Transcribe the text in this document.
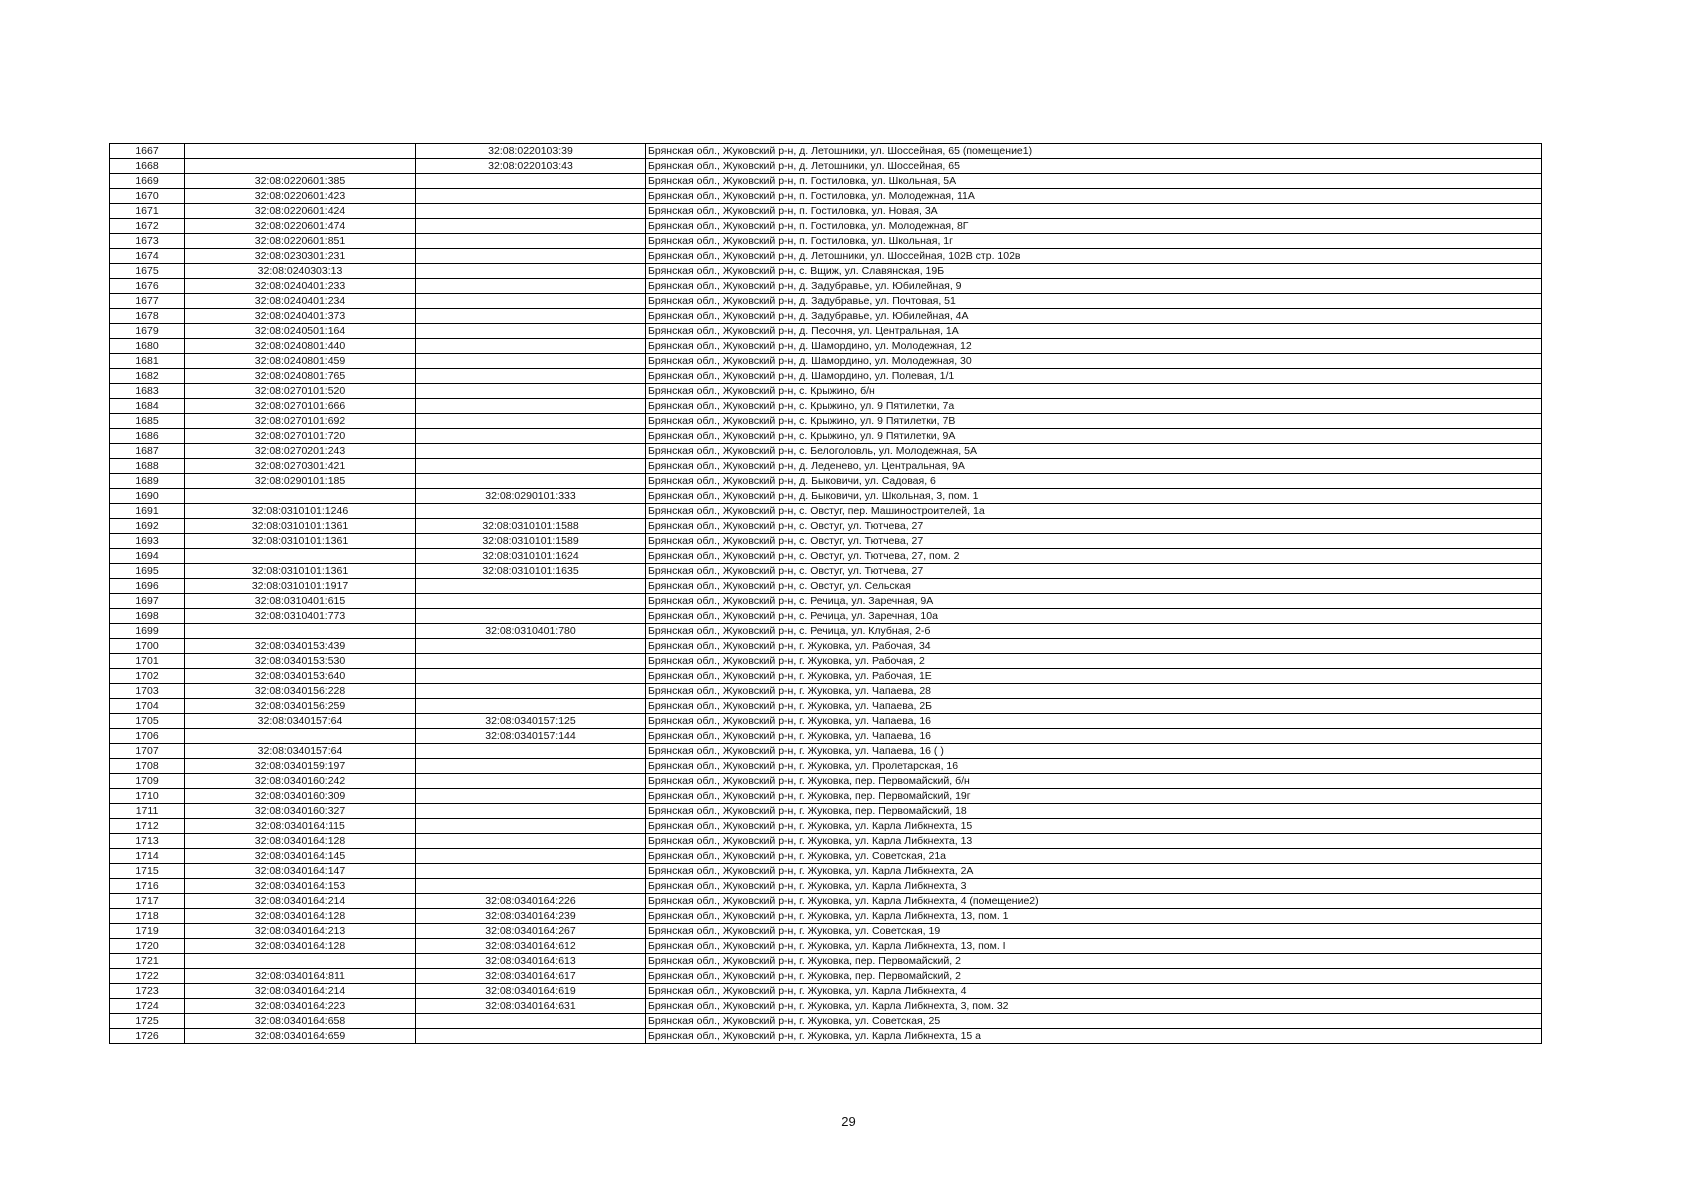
1667		32:08:0220103:39	Брянская обл., Жуковский р-н, д. Летошники, ул. Шоссейная, 65 (помещение1)
1668		32:08:0220103:43	Брянская обл., Жуковский р-н, д. Летошники, ул. Шоссейная, 65
1669	32:08:0220601:385		Брянская обл., Жуковский р-н, п. Гостиловка, ул. Школьная, 5А
1670	32:08:0220601:423		Брянская обл., Жуковский р-н, п. Гостиловка, ул. Молодежная, 11А
1671	32:08:0220601:424		Брянская обл., Жуковский р-н, п. Гостиловка, ул. Новая, 3А
1672	32:08:0220601:474		Брянская обл., Жуковский р-н, п. Гостиловка, ул. Молодежная, 8Г
1673	32:08:0220601:851		Брянская обл., Жуковский р-н, п. Гостиловка, ул. Школьная, 1г
1674	32:08:0230301:231		Брянская обл., Жуковский р-н, д. Летошники, ул. Шоссейная, 102В стр. 102в
1675	32:08:0240303:13		Брянская обл., Жуковский р-н, с. Вщиж, ул. Славянская, 19Б
1676	32:08:0240401:233		Брянская обл., Жуковский р-н, д. Задубравье, ул. Юбилейная, 9
1677	32:08:0240401:234		Брянская обл., Жуковский р-н, д. Задубравье, ул. Почтовая, 51
1678	32:08:0240401:373		Брянская обл., Жуковский р-н, д. Задубравье, ул. Юбилейная, 4А
1679	32:08:0240501:164		Брянская обл., Жуковский р-н, д. Песочня, ул. Центральная, 1А
1680	32:08:0240801:440		Брянская обл., Жуковский р-н, д. Шамордино, ул. Молодежная, 12
1681	32:08:0240801:459		Брянская обл., Жуковский р-н, д. Шамордино, ул. Молодежная, 30
1682	32:08:0240801:765		Брянская обл., Жуковский р-н, д. Шамордино, ул. Полевая, 1/1
1683	32:08:0270101:520		Брянская обл., Жуковский р-н, с. Крыжино, б/н
1684	32:08:0270101:666		Брянская обл., Жуковский р-н, с. Крыжино, ул. 9 Пятилетки, 7а
1685	32:08:0270101:692		Брянская обл., Жуковский р-н, с. Крыжино, ул. 9 Пятилетки, 7В
1686	32:08:0270101:720		Брянская обл., Жуковский р-н, с. Крыжино, ул. 9 Пятилетки, 9А
1687	32:08:0270201:243		Брянская обл., Жуковский р-н, с. Белоголовль, ул. Молодежная, 5А
1688	32:08:0270301:421		Брянская обл., Жуковский р-н, д. Леденево, ул. Центральная, 9А
1689	32:08:0290101:185		Брянская обл., Жуковский р-н, д. Быковичи, ул. Садовая, 6
1690		32:08:0290101:333	Брянская обл., Жуковский р-н, д. Быковичи, ул. Школьная, 3, пом. 1
1691	32:08:0310101:1246		Брянская обл., Жуковский р-н, с. Овстуг, пер. Машиностроителей, 1а
1692	32:08:0310101:1361	32:08:0310101:1588	Брянская обл., Жуковский р-н, с. Овстуг, ул. Тютчева, 27
1693	32:08:0310101:1361	32:08:0310101:1589	Брянская обл., Жуковский р-н, с. Овстуг, ул. Тютчева, 27
1694		32:08:0310101:1624	Брянская обл., Жуковский р-н, с. Овстуг, ул. Тютчева, 27, пом. 2
1695	32:08:0310101:1361	32:08:0310101:1635	Брянская обл., Жуковский р-н, с. Овстуг, ул. Тютчева, 27
1696	32:08:0310101:1917		Брянская обл., Жуковский р-н, с. Овстуг, ул. Сельская
1697	32:08:0310401:615		Брянская обл., Жуковский р-н, с. Речица, ул. Заречная, 9А
1698	32:08:0310401:773		Брянская обл., Жуковский р-н, с. Речица, ул. Заречная, 10а
1699		32:08:0310401:780	Брянская обл., Жуковский р-н, с. Речица, ул. Клубная, 2-б
1700	32:08:0340153:439		Брянская обл., Жуковский р-н, г. Жуковка, ул. Рабочая, 34
1701	32:08:0340153:530		Брянская обл., Жуковский р-н, г. Жуковка, ул. Рабочая, 2
1702	32:08:0340153:640		Брянская обл., Жуковский р-н, г. Жуковка, ул. Рабочая, 1Е
1703	32:08:0340156:228		Брянская обл., Жуковский р-н, г. Жуковка, ул. Чапаева, 28
1704	32:08:0340156:259		Брянская обл., Жуковский р-н, г. Жуковка, ул. Чапаева, 2Б
1705	32:08:0340157:64	32:08:0340157:125	Брянская обл., Жуковский р-н, г. Жуковка, ул. Чапаева, 16
1706		32:08:0340157:144	Брянская обл., Жуковский р-н, г. Жуковка, ул. Чапаева, 16
1707	32:08:0340157:64		Брянская обл., Жуковский р-н, г. Жуковка, ул. Чапаева, 16 ( )
1708	32:08:0340159:197		Брянская обл., Жуковский р-н, г. Жуковка, ул. Пролетарская, 16
1709	32:08:0340160:242		Брянская обл., Жуковский р-н, г. Жуковка, пер. Первомайский, б/н
1710	32:08:0340160:309		Брянская обл., Жуковский р-н, г. Жуковка, пер. Первомайский, 19г
1711	32:08:0340160:327		Брянская обл., Жуковский р-н, г. Жуковка, пер. Первомайский, 18
1712	32:08:0340164:115		Брянская обл., Жуковский р-н, г. Жуковка, ул. Карла Либкнехта, 15
1713	32:08:0340164:128		Брянская обл., Жуковский р-н, г. Жуковка, ул. Карла Либкнехта, 13
1714	32:08:0340164:145		Брянская обл., Жуковский р-н, г. Жуковка, ул. Советская, 21а
1715	32:08:0340164:147		Брянская обл., Жуковский р-н, г. Жуковка, ул. Карла Либкнехта, 2А
1716	32:08:0340164:153		Брянская обл., Жуковский р-н, г. Жуковка, ул. Карла Либкнехта, 3
1717	32:08:0340164:214	32:08:0340164:226	Брянская обл., Жуковский р-н, г. Жуковка, ул. Карла Либкнехта, 4 (помещение2)
1718	32:08:0340164:128	32:08:0340164:239	Брянская обл., Жуковский р-н, г. Жуковка, ул. Карла Либкнехта, 13, пом. 1
1719	32:08:0340164:213	32:08:0340164:267	Брянская обл., Жуковский р-н, г. Жуковка, ул. Советская, 19
1720	32:08:0340164:128	32:08:0340164:612	Брянская обл., Жуковский р-н, г. Жуковка, ул. Карла Либкнехта, 13, пом. I
1721		32:08:0340164:613	Брянская обл., Жуковский р-н, г. Жуковка, пер. Первомайский, 2
1722	32:08:0340164:811	32:08:0340164:617	Брянская обл., Жуковский р-н, г. Жуковка, пер. Первомайский, 2
1723	32:08:0340164:214	32:08:0340164:619	Брянская обл., Жуковский р-н, г. Жуковка, ул. Карла Либкнехта, 4
1724	32:08:0340164:223	32:08:0340164:631	Брянская обл., Жуковский р-н, г. Жуковка, ул. Карла Либкнехта, 3, пом. 32
1725	32:08:0340164:658		Брянская обл., Жуковский р-н, г. Жуковка, ул. Советская, 25
1726	32:08:0340164:659		Брянская обл., Жуковский р-н, г. Жуковка, ул. Карла Либкнехта, 15 а
29
